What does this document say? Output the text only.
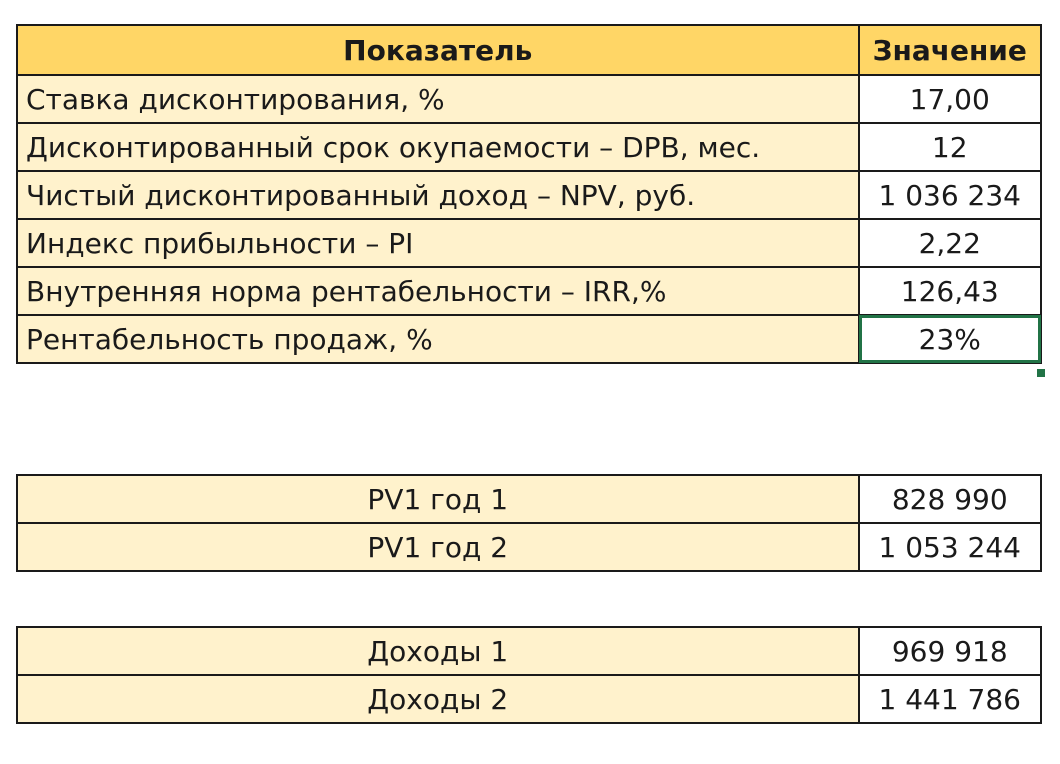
Показатель	Значение
Ставка дисконтирования, %	17,00
Дисконтированный срок окупаемости – DPB, мес.	12
Чистый дисконтированный доход – NPV, руб.	1 036 234
Индекс прибыльности – PI	2,22
Внутренняя норма рентабельности – IRR,%	126,43
Рентабельность продаж, %	23%
PV1 год 1	828 990
PV1 год 2	1 053 244
Доходы 1	969 918
Доходы 2	1 441 786
